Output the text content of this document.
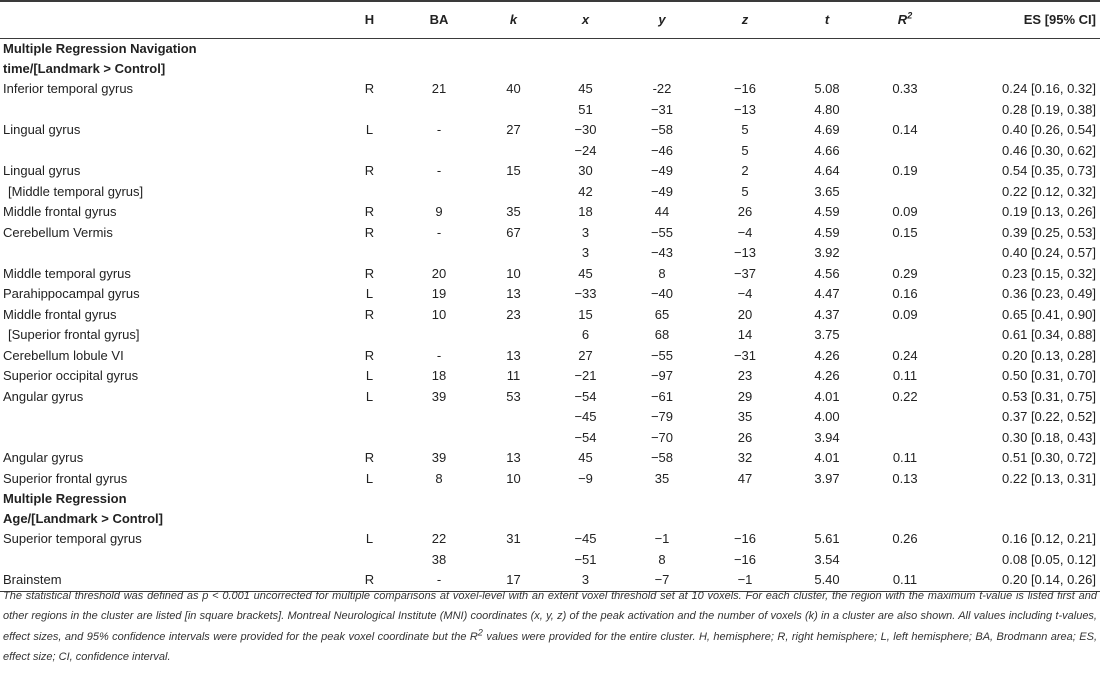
	H	BA	k	x	y	z	t	$R^2$	ES [95% CI]
Multiple Regression Navigation									
time/[Landmark > Control]									
Inferior temporal gyrus	R	21	40	45	-22	−16	5.08	0.33	0.24 [0.16, 0.32]
				51	−31	−13	4.80		0.28 [0.19, 0.38]
Lingual gyrus	L	-	27	−30	−58	5	4.69	0.14	0.40 [0.26, 0.54]
				−24	−46	5	4.66		0.46 [0.30, 0.62]
Lingual gyrus	R	-	15	30	−49	2	4.64	0.19	0.54 [0.35, 0.73]
[Middle temporal gyrus]				42	−49	5	3.65		0.22 [0.12, 0.32]
Middle frontal gyrus	R	9	35	18	44	26	4.59	0.09	0.19 [0.13, 0.26]
Cerebellum Vermis	R	-	67	3	−55	−4	4.59	0.15	0.39 [0.25, 0.53]
				3	−43	−13	3.92		0.40 [0.24, 0.57]
Middle temporal gyrus	R	20	10	45	8	−37	4.56	0.29	0.23 [0.15, 0.32]
Parahippocampal gyrus	L	19	13	−33	−40	−4	4.47	0.16	0.36 [0.23, 0.49]
Middle frontal gyrus	R	10	23	15	65	20	4.37	0.09	0.65 [0.41, 0.90]
[Superior frontal gyrus]				6	68	14	3.75		0.61 [0.34, 0.88]
Cerebellum lobule VI	R	-	13	27	−55	−31	4.26	0.24	0.20 [0.13, 0.28]
Superior occipital gyrus	L	18	11	−21	−97	23	4.26	0.11	0.50 [0.31, 0.70]
Angular gyrus	L	39	53	−54	−61	29	4.01	0.22	0.53 [0.31, 0.75]
				−45	−79	35	4.00		0.37 [0.22, 0.52]
				−54	−70	26	3.94		0.30 [0.18, 0.43]
Angular gyrus	R	39	13	45	−58	32	4.01	0.11	0.51 [0.30, 0.72]
Superior frontal gyrus	L	8	10	−9	35	47	3.97	0.13	0.22 [0.13, 0.31]
Multiple Regression									
Age/[Landmark > Control]									
Superior temporal gyrus	L	22	31	−45	−1	−16	5.61	0.26	0.16 [0.12, 0.21]
		38		−51	8	−16	3.54		0.08 [0.05, 0.12]
Brainstem	R	-	17	3	−7	−1	5.40	0.11	0.20 [0.14, 0.26]
The statistical threshold was defined as p < 0.001 uncorrected for multiple comparisons at voxel-level with an extent voxel threshold set at 10 voxels. For each cluster, the region with the maximum t-value is listed first and other regions in the cluster are listed [in square brackets]. Montreal Neurological Institute (MNI) coordinates (x, y, z) of the peak activation and the number of voxels (k) in a cluster are also shown. All values including t-values, effect sizes, and 95% confidence intervals were provided for the peak voxel coordinate but the $R^2$ values were provided for the entire cluster. H, hemisphere; R, right hemisphere; L, left hemisphere; BA, Brodmann area; ES, effect size; CI, confidence interval.
